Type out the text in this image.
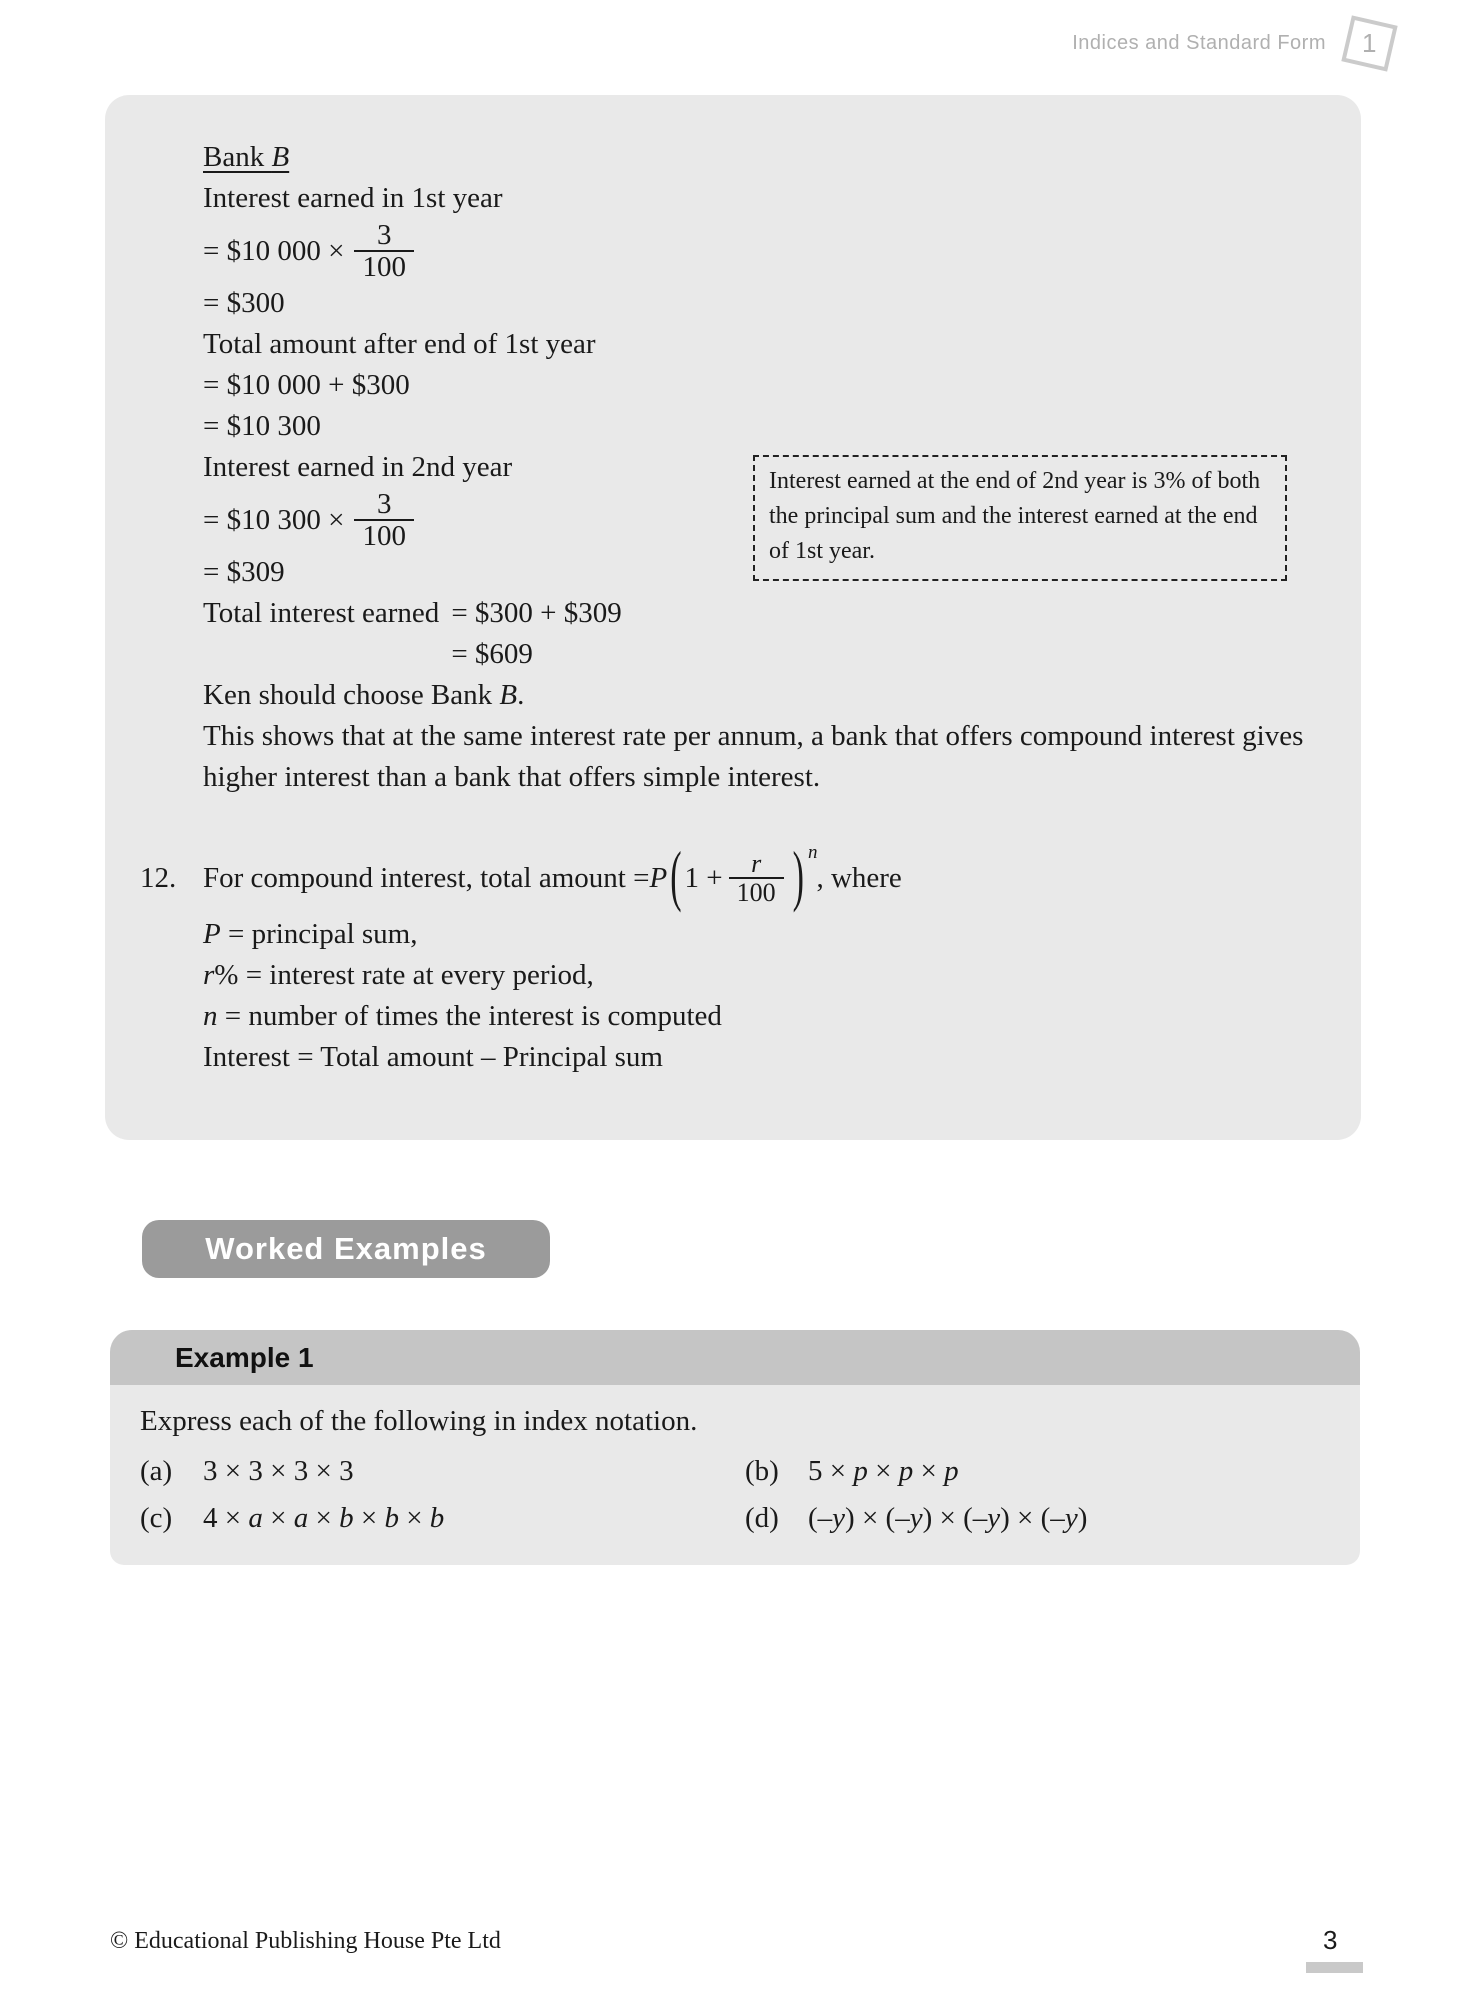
Indices and Standard Form 1
Bank B
Interest earned in 1st year
= $10 $000 \times \frac{3}{100}$
= $300
Total amount after end of 1st year
= $10 000 + $300
= $10 300
Interest earned in 2nd year
= $10 $300 \times \frac{3}{100}$
= $309
Total interest earned = $300 + $309
= $609
Ken should choose Bank B.
This shows that at the same interest rate per annum, a bank that offers compound interest gives higher interest than a bank that offers simple interest.
12. For compound interest, total amount = P ( $1 + \frac{r}{100}$ ) n
, where
P = principal sum,
r% = interest rate at every period,
n = number of times the interest is computed
Interest = Total amount – Principal sum
Interest earned at the end of 2nd year is 3% of both the principal sum and the interest earned at the end of 1st year.
Worked Examples
Example 1
Express each of the following in index notation.
(a)	3 × 3 × 3 × 3	(b)	5 × p × p × p
(c)	4 × a × a × b × b × b	(d)	(–y) × (–y) × (–y) × (–y)
© Educational Publishing House Pte Ltd	3
